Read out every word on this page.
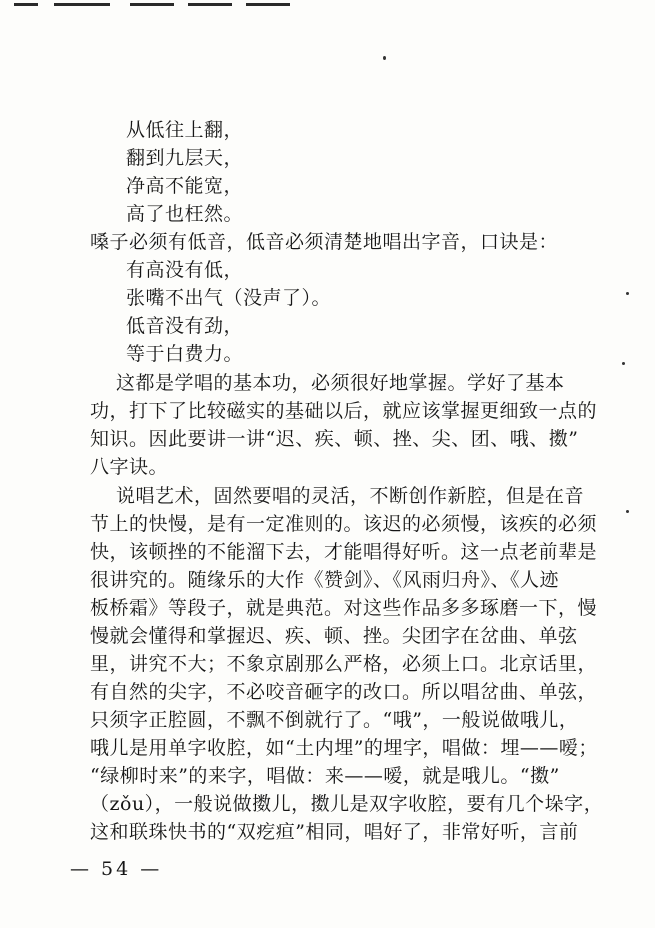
从低往上翻，
翻到九层天，
净高不能宽，
高了也枉然。
嗓子必须有低音，低音必须清楚地唱出字音，口诀是：
有高没有低，
张嘴不出气（没声了）。
低音没有劲，
等于白费力。
这都是学唱的基本功，必须很好地掌握。学好了基本
功，打下了比较磁实的基础以后，就应该掌握更细致一点的
知识。因此要讲一讲“迟、疾、顿、挫、尖、团、哦、擞”
八字诀。
说唱艺术，固然要唱的灵活，不断创作新腔，但是在音
节上的快慢，是有一定准则的。该迟的必须慢，该疾的必须
快，该顿挫的不能溜下去，才能唱得好听。这一点老前辈是
很讲究的。随缘乐的大作《赞剑》、《风雨归舟》、《人迹
板桥霜》等段子，就是典范。对这些作品多多琢磨一下，慢
慢就会懂得和掌握迟、疾、顿、挫。尖团字在岔曲、单弦
里，讲究不大；不象京剧那么严格，必须上口。北京话里，
有自然的尖字，不必咬音砸字的改口。所以唱岔曲、单弦，
只须字正腔圆，不飘不倒就行了。“哦”，一般说做哦儿，
哦儿是用单字收腔，如“土内埋”的埋字，唱做：埋——嗳；
“绿柳时来”的来字，唱做：来——嗳，就是哦儿。“擞”
（zǒu），一般说做擞儿，擞儿是双字收腔，要有几个垛字，
这和联珠快书的“双疙疸”相同，唱好了，非常好听，言前
— 54 —
